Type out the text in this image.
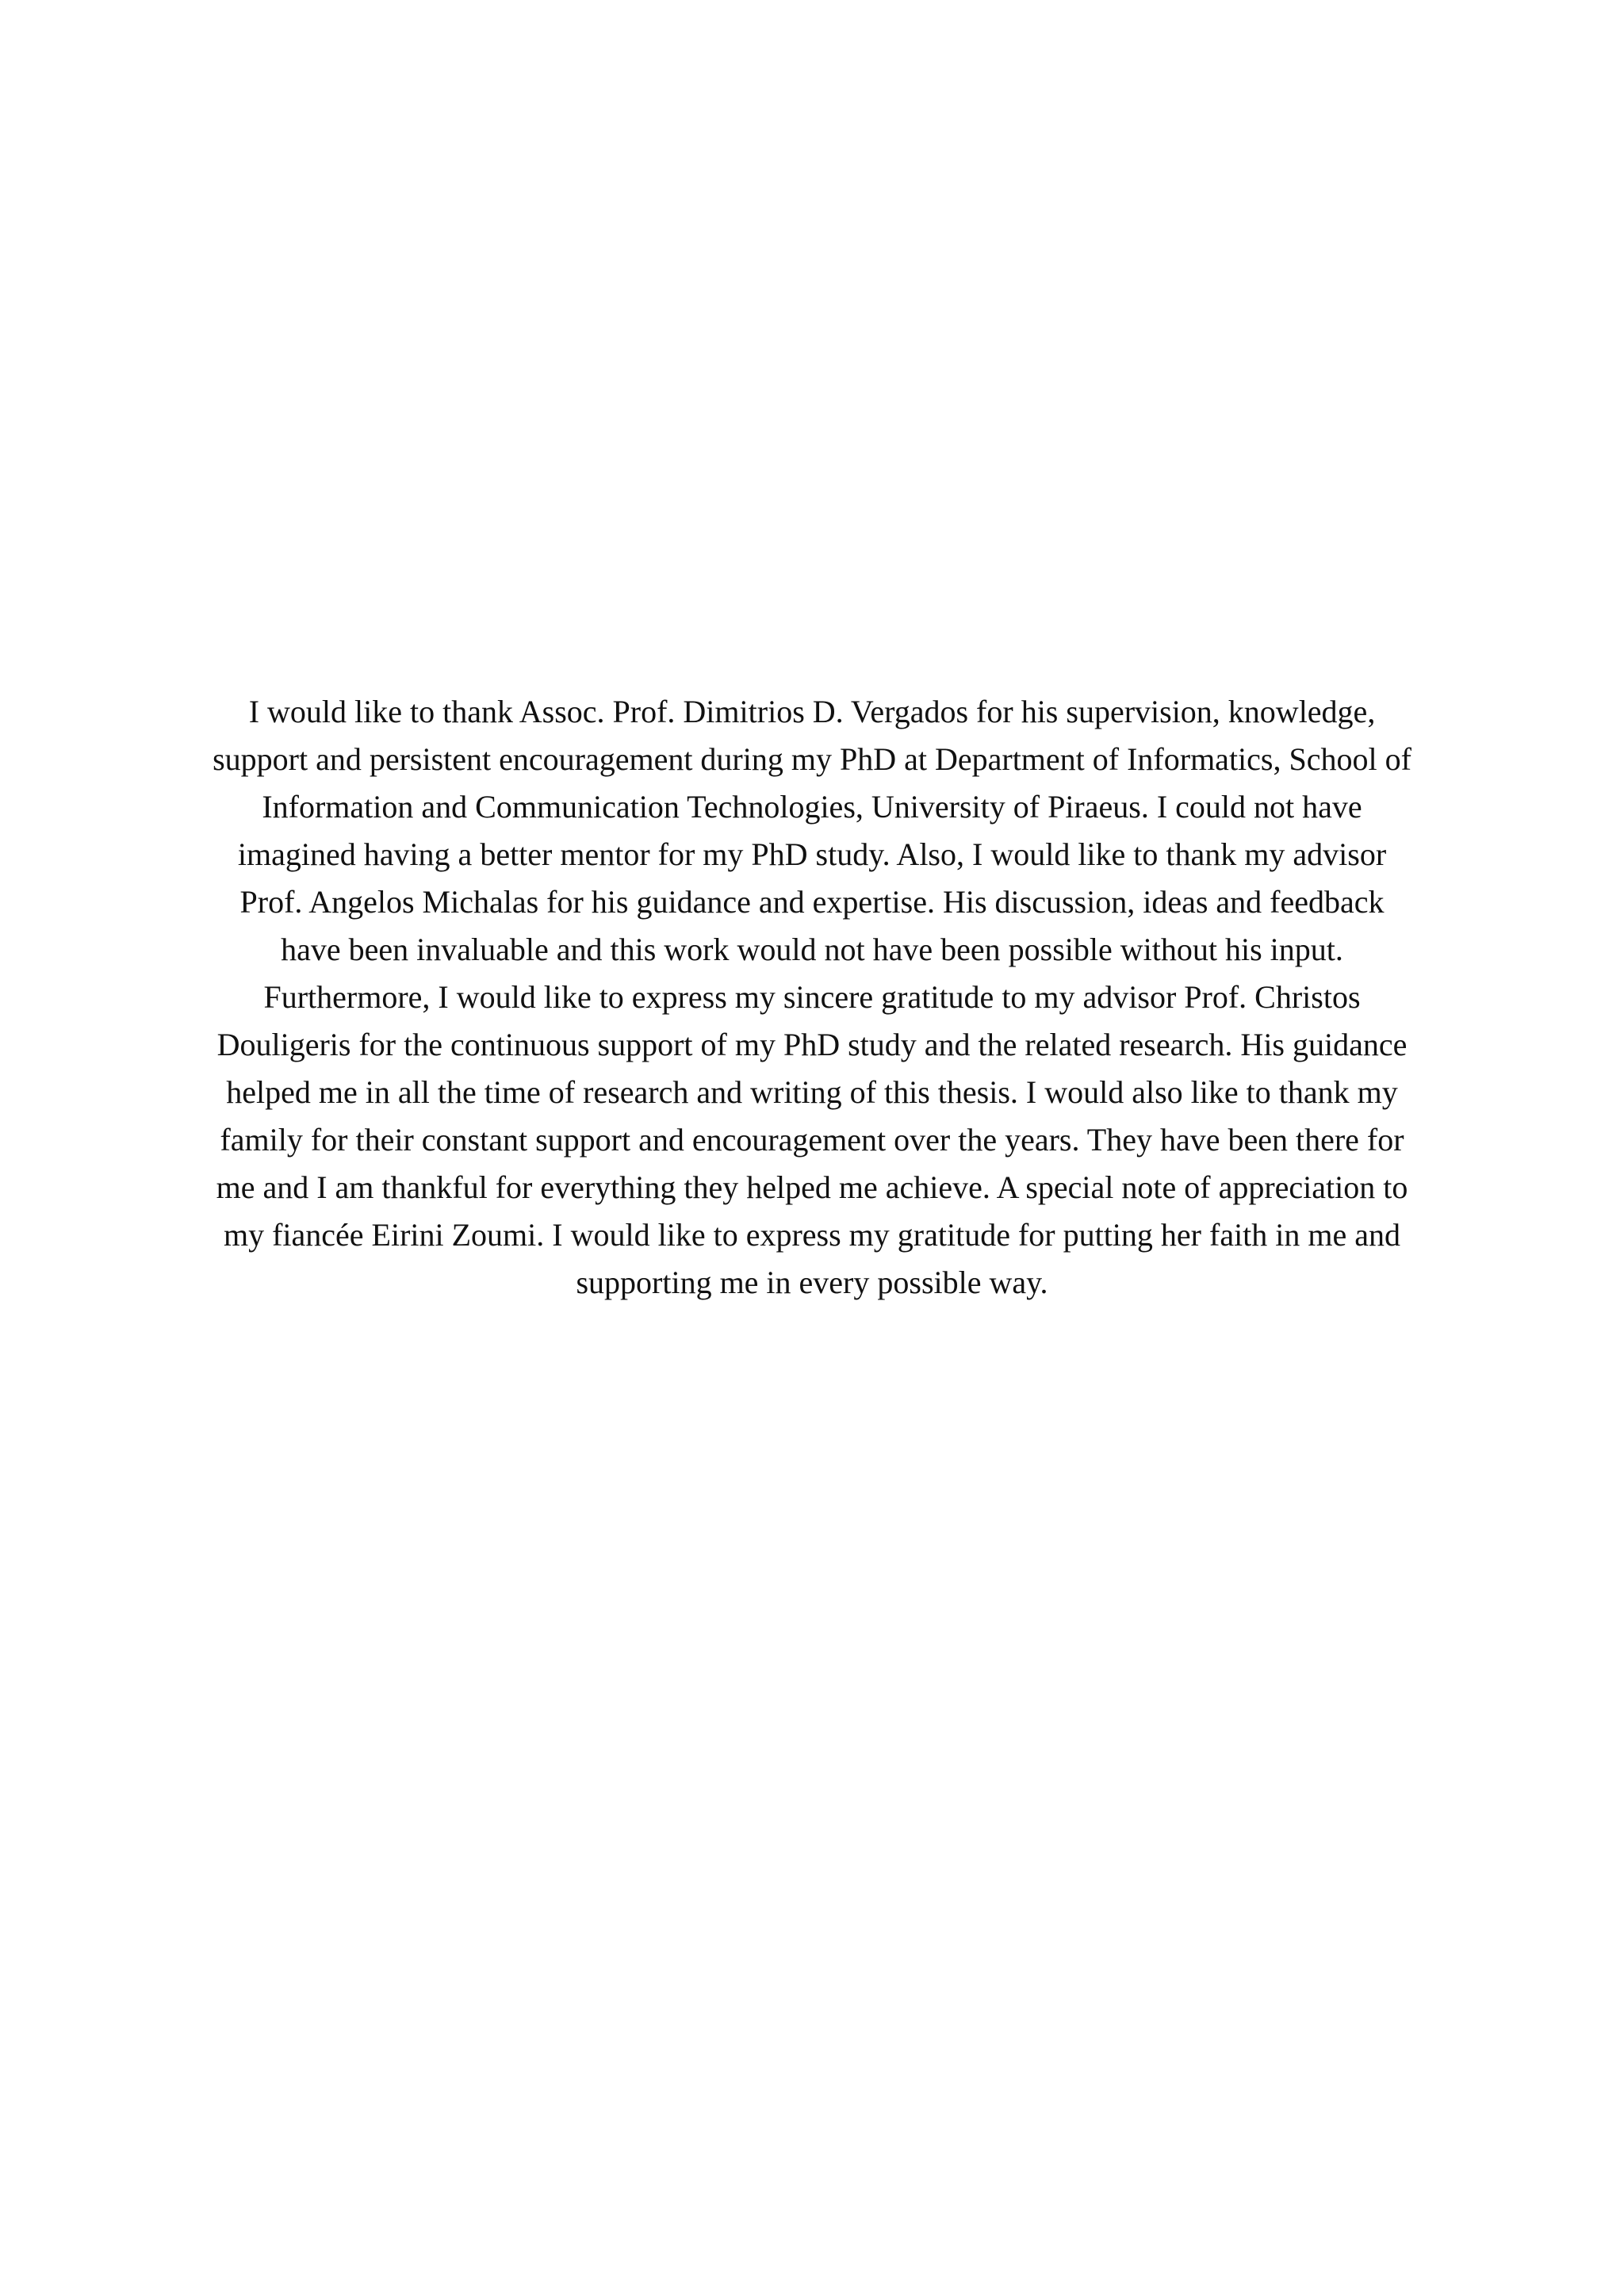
I would like to thank Assoc. Prof. Dimitrios D. Vergados for his supervision, knowledge,
support and persistent encouragement during my PhD at Department of Informatics, School of
Information and Communication Technologies, University of Piraeus. I could not have
imagined having a better mentor for my PhD study. Also, I would like to thank my advisor
Prof. Angelos Michalas for his guidance and expertise. His discussion, ideas and feedback
have been invaluable and this work would not have been possible without his input.
Furthermore, I would like to express my sincere gratitude to my advisor Prof. Christos
Douligeris for the continuous support of my PhD study and the related research. His guidance
helped me in all the time of research and writing of this thesis. I would also like to thank my
family for their constant support and encouragement over the years. They have been there for
me and I am thankful for everything they helped me achieve. A special note of appreciation to
my fiancée Eirini Zoumi. I would like to express my gratitude for putting her faith in me and
supporting me in every possible way.
